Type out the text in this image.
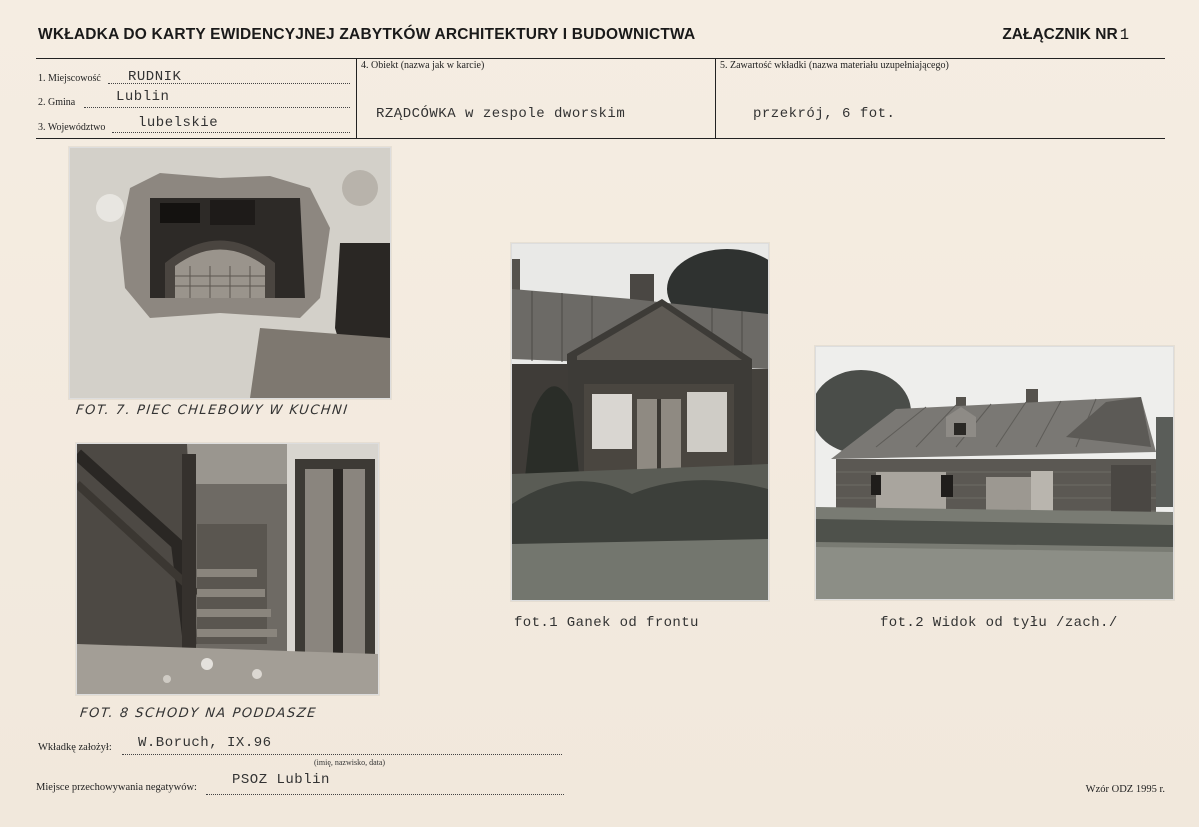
WKŁADKA DO KARTY EWIDENCYJNEJ ZABYTKÓW ARCHITEKTURY I BUDOWNICTWA	ZAŁĄCZNIK NR 1
1. Miejscowość RUDNIK
2. Gmina	Lublin
3. Województwo lubelskie
4. Obiekt (nazwa jak w karcie)
RZĄDCÓWKA w zespole dworskim
5. Zawartość wkładki (nazwa materiału uzupełniającego)
przekrój, 6 fot.
FOT. 7. PIEC CHLEBOWY W KUCHNI
FOT. 8 SCHODY NA PODDASZE
fot.1 Ganek od frontu	fot.2 Widok od tyłu /zach./
Wkładkę założył: W.Boruch, IX.96
(imię, nazwisko, data)
Miejsce przechowywania negatywów:	PSOZ Lublin
Wzór ODZ 1995 r.
